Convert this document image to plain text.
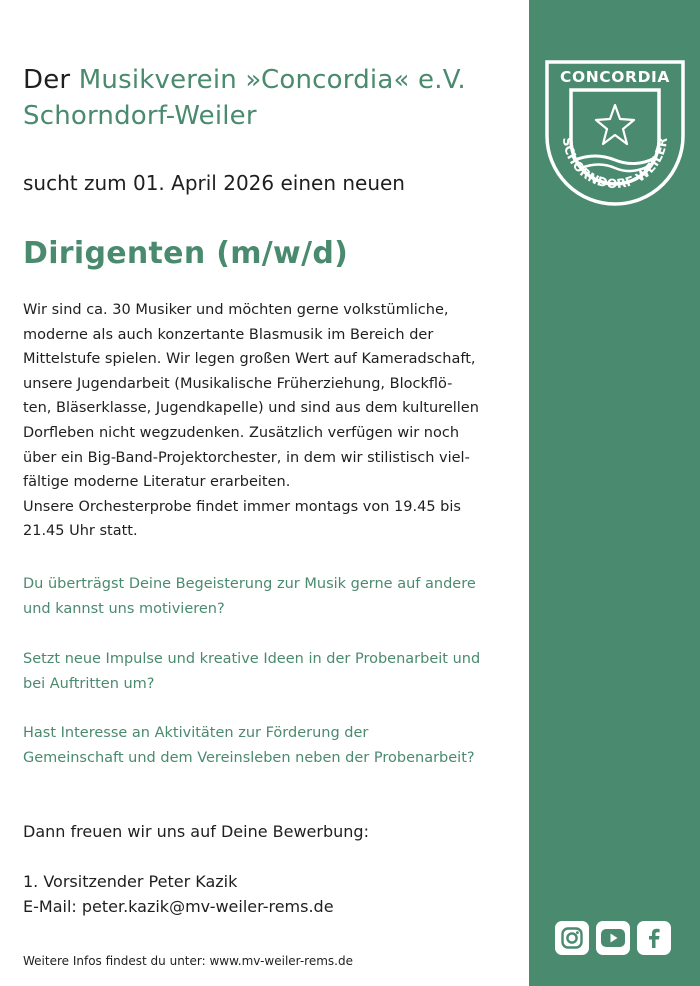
Der Musikverein »Concordia« e.V.
Schorndorf-Weiler

sucht zum 01. April 2026 einen neuen

Dirigenten (m/w/d)

Wir sind ca. 30 Musiker und möchten gerne volkstümliche,

moderne als auch konzertante Blasmusik im Bereich der

Mittelstufe spielen. Wir legen großen Wert auf Kameradschaft,

unsere Jugendarbeit (Musikalische Früherziehung, Blockflö-

ten, Bläserklasse, Jugendkapelle) und sind aus dem kulturellen

Dorfleben nicht wegzudenken. Zusätzlich verfügen wir noch

über ein Big-Band-Projektorchester, in dem wir stilistisch viel-

fältige moderne Literatur erarbeiten.

Unsere Orchesterprobe findet immer montags von 19.45 bis

21.45 Uhr statt.

Du überträgst Deine Begeisterung zur Musik gerne auf andere
und kannst uns motivieren?
Setzt neue Impulse und kreative Ideen in der Probenarbeit und
bei Auftritten um?
Hast Interesse an Aktivitäten zur Förderung der
Gemeinschaft und dem Vereinsleben neben der Probenarbeit?

Dann freuen wir uns auf Deine Bewerbung:

1. Vorsitzender Peter Kazik
E-Mail: peter.kazik@mv-weiler-rems.de

Weitere Infos findest du unter: www.mv-weiler-rems.de

CONCORDIA
SCHORNDORF-WEILER
